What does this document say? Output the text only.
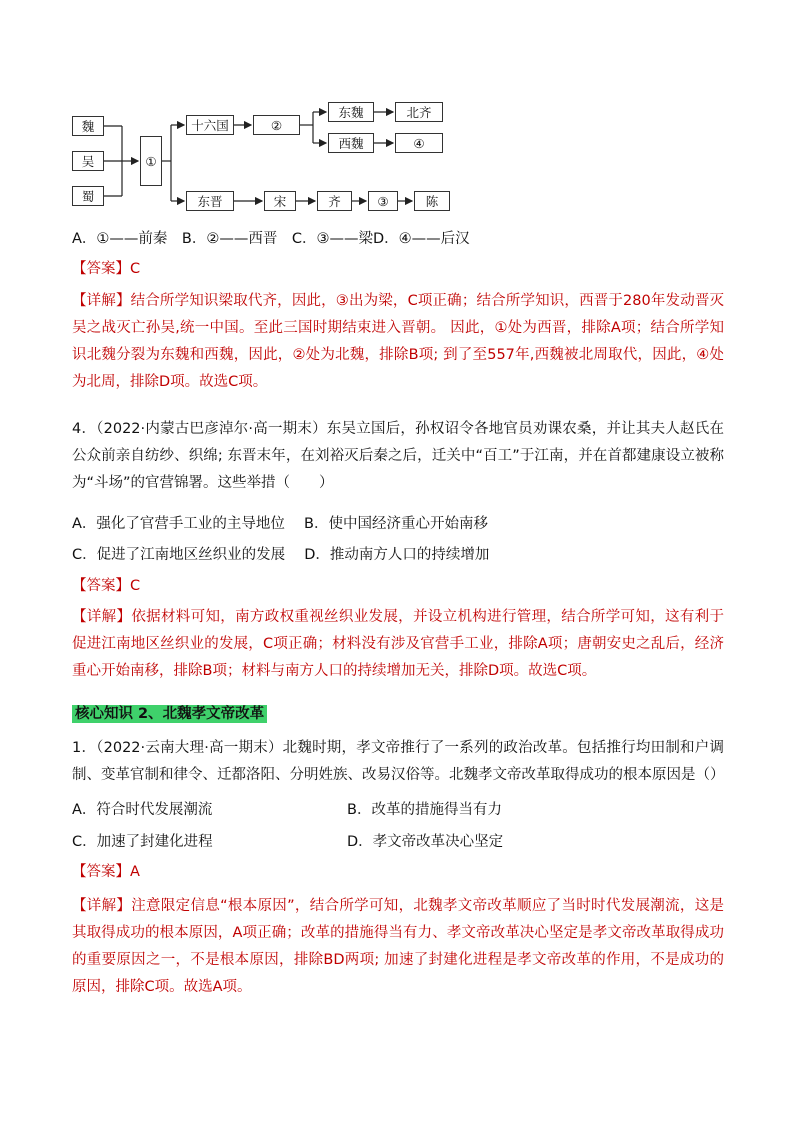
魏
吴
蜀
①
十六国	②
东魏
西魏
北齐
④
东晋	宋	齐	③	陈
A．①——前秦　B．②——西晋　C．③——梁D．④——后汉
【答案】C
【详解】结合所学知识梁取代齐，因此，③出为梁，C项正确；结合所学知识，西晋于280年发动晋灭吴之战灭亡孙吴,统一中国。至此三国时期结束进入晋朝。 因此，①处为西晋，排除A项；结合所学知识北魏分裂为东魏和西魏，因此，②处为北魏，排除B项; 到了至557年,西魏被北周取代，因此，④处为北周，排除D项。故选C项。
4．（2022·内蒙古巴彦淖尔·高一期末）东吴立国后，孙权诏令各地官员劝课农桑，并让其夫人赵氏在公众前亲自纺纱、织绵; 东晋末年，在刘裕灭后秦之后，迁关中“百工”于江南，并在首都建康设立被称为“斗场”的官营锦署。这些举措（　　）
A．强化了官营手工业的主导地位　 B．使中国经济重心开始南移
C．促进了江南地区丝织业的发展　 D．推动南方人口的持续增加
【答案】C
【详解】依据材料可知，南方政权重视丝织业发展，并设立机构进行管理，结合所学可知，这有利于促进江南地区丝织业的发展，C项正确；材料没有涉及官营手工业，排除A项；唐朝安史之乱后，经济重心开始南移，排除B项；材料与南方人口的持续增加无关，排除D项。故选C项。
核心知识 2、北魏孝文帝改革
1．（2022·云南大理·高一期末）北魏时期，孝文帝推行了一系列的政治改革。包括推行均田制和户调制、变革官制和律令、迁都洛阳、分明姓族、改易汉俗等。北魏孝文帝改革取得成功的根本原因是（）
A．符合时代发展潮流	B．改革的措施得当有力
C．加速了封建化进程	D．孝文帝改革决心坚定
【答案】A
【详解】注意限定信息“根本原因”，结合所学可知，北魏孝文帝改革顺应了当时时代发展潮流，这是其取得成功的根本原因，A项正确；改革的措施得当有力、孝文帝改革决心坚定是孝文帝改革取得成功的重要原因之一，不是根本原因，排除BD两项; 加速了封建化进程是孝文帝改革的作用，不是成功的原因，排除C项。故选A项。
